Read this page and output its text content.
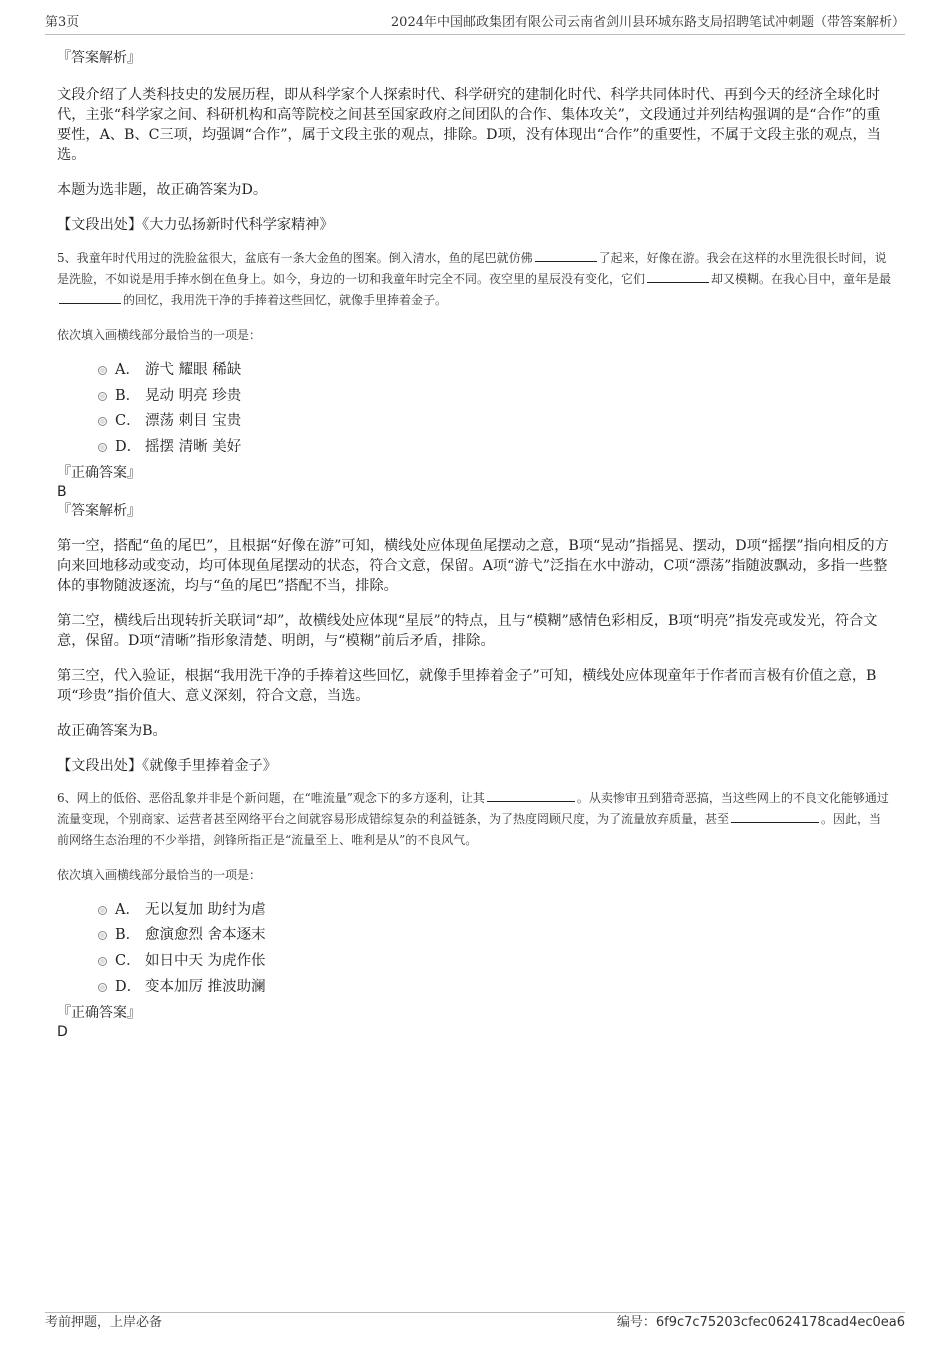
第3页	2024年中国邮政集团有限公司云南省剑川县环城东路支局招聘笔试冲刺题（带答案解析）
『答案解析』

文段介绍了人类科技史的发展历程，即从科学家个人探索时代、科学研究的建制化时代、科学共同体时代、再到今天的经济全球化时代，主张“科学家之间、科研机构和高等院校之间甚至国家政府之间团队的合作、集体攻关”，文段通过并列结构强调的是“合作”的重要性，A、B、C三项，均强调“合作”，属于文段主张的观点，排除。D项，没有体现出“合作”的重要性，不属于文段主张的观点，当选。

本题为选非题，故正确答案为D。

【文段出处】《大力弘扬新时代科学家精神》

5、我童年时代用过的洗脸盆很大，盆底有一条大金鱼的图案。倒入清水，鱼的尾巴就仿佛	了起来，好像在游。我会在这样的水里洗很长时间，说是洗脸，不如说是用手捧水倒在鱼身上。如今，身边的一切和我童年时完全不同。夜空里的星辰没有变化，它们	却又模糊。在我心目中，童年是最的回忆，我用洗干净的手捧着这些回忆，就像手里捧着金子。

依次填入画横线部分最恰当的一项是：

A． 游弋 耀眼 稀缺
B． 晃动 明亮 珍贵
C． 漂荡 刺目 宝贵
D． 摇摆 清晰 美好
『正确答案』
B
『答案解析』

第一空，搭配“鱼的尾巴”，且根据“好像在游”可知，横线处应体现鱼尾摆动之意，B项“晃动”指摇晃、摆动，D项“摇摆”指向相反的方向来回地移动或变动，均可体现鱼尾摆动的状态，符合文意，保留。A项“游弋”泛指在水中游动，C项“漂荡”指随波飘动，多指一些整体的事物随波逐流，均与“鱼的尾巴”搭配不当，排除。

第二空，横线后出现转折关联词“却”，故横线处应体现“星辰”的特点，且与“模糊”感情色彩相反，B项“明亮”指发亮或发光，符合文意，保留。D项“清晰”指形象清楚、明朗，与“模糊”前后矛盾，排除。

第三空，代入验证，根据“我用洗干净的手捧着这些回忆，就像手里捧着金子”可知，横线处应体现童年于作者而言极有价值之意，B项“珍贵”指价值大、意义深刻，符合文意，当选。

故正确答案为B。

【文段出处】《就像手里捧着金子》

6、网上的低俗、恶俗乱象并非是个新问题，在“唯流量”观念下的多方逐利，让其	。从卖惨审丑到猎奇恶搞，当这些网上的不良文化能够通过流量变现，个别商家、运营者甚至网络平台之间就容易形成错综复杂的利益链条，为了热度罔顾尺度，为了流量放弃质量，甚至	。因此，当前网络生态治理的不少举措，剑锋所指正是“流量至上、唯利是从”的不良风气。

依次填入画横线部分最恰当的一项是：

A． 无以复加 助纣为虐
B． 愈演愈烈 舍本逐末
C． 如日中天 为虎作伥
D． 变本加厉 推波助澜
『正确答案』
D
考前押题，上岸必备	编号：6f9c7c75203cfec0624178cad4ec0ea6
